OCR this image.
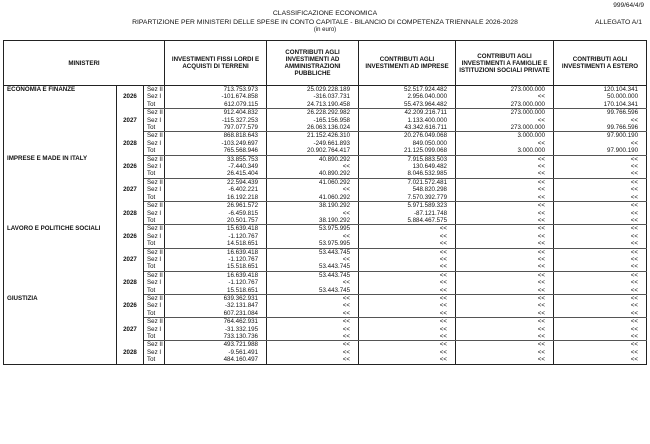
999/64/4/9
CLASSIFICAZIONE ECONOMICA
RIPARTIZIONE PER MINISTERI DELLE SPESE IN CONTO CAPITALE - BILANCIO DI COMPETENZA TRIENNALE 2026-2028	ALLEGATO A/1
(in euro)
MINISTERI			INVESTIMENTI FISSI LORDI E ACQUISTI DI TERRENI	CONTRIBUTI AGLI INVESTIMENTI AD AMMINISTRAZIONI PUBBLICHE	CONTRIBUTI AGLI INVESTIMENTI AD IMPRESE	CONTRIBUTI AGLI INVESTIMENTI A FAMIGLIE E ISTITUZIONI SOCIALI PRIVATE	CONTRIBUTI AGLI INVESTIMENTI A ESTERO
ECONOMIA E FINANZE		Sez II	713.753.973	25.029.228.189	52.517.924.482	273.000.000	120.104.341
	2026	Sez I	-101.674.858	-316.037.731	2.956.040.000	<<	50.000.000
		Tot	612.079.115	24.713.190.458	55.473.964.482	273.000.000	170.104.341
		Sez II	912.404.832	26.228.292.982	42.209.216.711	273.000.000	99.766.596
	2027	Sez I	-115.327.253	-165.156.958	1.133.400.000	<<	<<
		Tot	797.077.579	26.063.136.024	43.342.616.711	273.000.000	99.766.596
		Sez II	868.818.643	21.152.426.310	20.276.049.068	3.000.000	97.900.190
	2028	Sez I	-103.249.697	-249.661.893	849.050.000	<<	<<
		Tot	765.568.946	20.902.764.417	21.125.099.068	3.000.000	97.900.190
IMPRESE E MADE IN ITALY		Sez II	33.855.753	40.890.292	7.915.883.503	<<	<<
	2026	Sez I	-7.440.349	<<	130.649.482	<<	<<
		Tot	26.415.404	40.890.292	8.046.532.985	<<	<<
		Sez II	22.594.439	41.060.292	7.021.572.481	<<	<<
	2027	Sez I	-6.402.221	<<	548.820.298	<<	<<
		Tot	16.192.218	41.060.292	7.570.392.779	<<	<<
		Sez II	26.961.572	38.190.292	5.971.589.323	<<	<<
	2028	Sez I	-6.459.815	<<	-87.121.748	<<	<<
		Tot	20.501.757	38.190.292	5.884.467.575	<<	<<
LAVORO E POLITICHE SOCIALI		Sez II	15.639.418	53.975.995	<<	<<	<<
	2026	Sez I	-1.120.767	<<	<<	<<	<<
		Tot	14.518.651	53.975.995	<<	<<	<<
		Sez II	16.639.418	53.443.745	<<	<<	<<
	2027	Sez I	-1.120.767	<<	<<	<<	<<
		Tot	15.518.651	53.443.745	<<	<<	<<
		Sez II	16.639.418	53.443.745	<<	<<	<<
	2028	Sez I	-1.120.767	<<	<<	<<	<<
		Tot	15.518.651	53.443.745	<<	<<	<<
GIUSTIZIA		Sez II	639.362.931	<<	<<	<<	<<
	2026	Sez I	-32.131.847	<<	<<	<<	<<
		Tot	607.231.084	<<	<<	<<	<<
		Sez II	764.462.931	<<	<<	<<	<<
	2027	Sez I	-31.332.195	<<	<<	<<	<<
		Tot	733.130.736	<<	<<	<<	<<
		Sez II	493.721.988	<<	<<	<<	<<
	2028	Sez I	-9.561.491	<<	<<	<<	<<
		Tot	484.160.497	<<	<<	<<	<<
